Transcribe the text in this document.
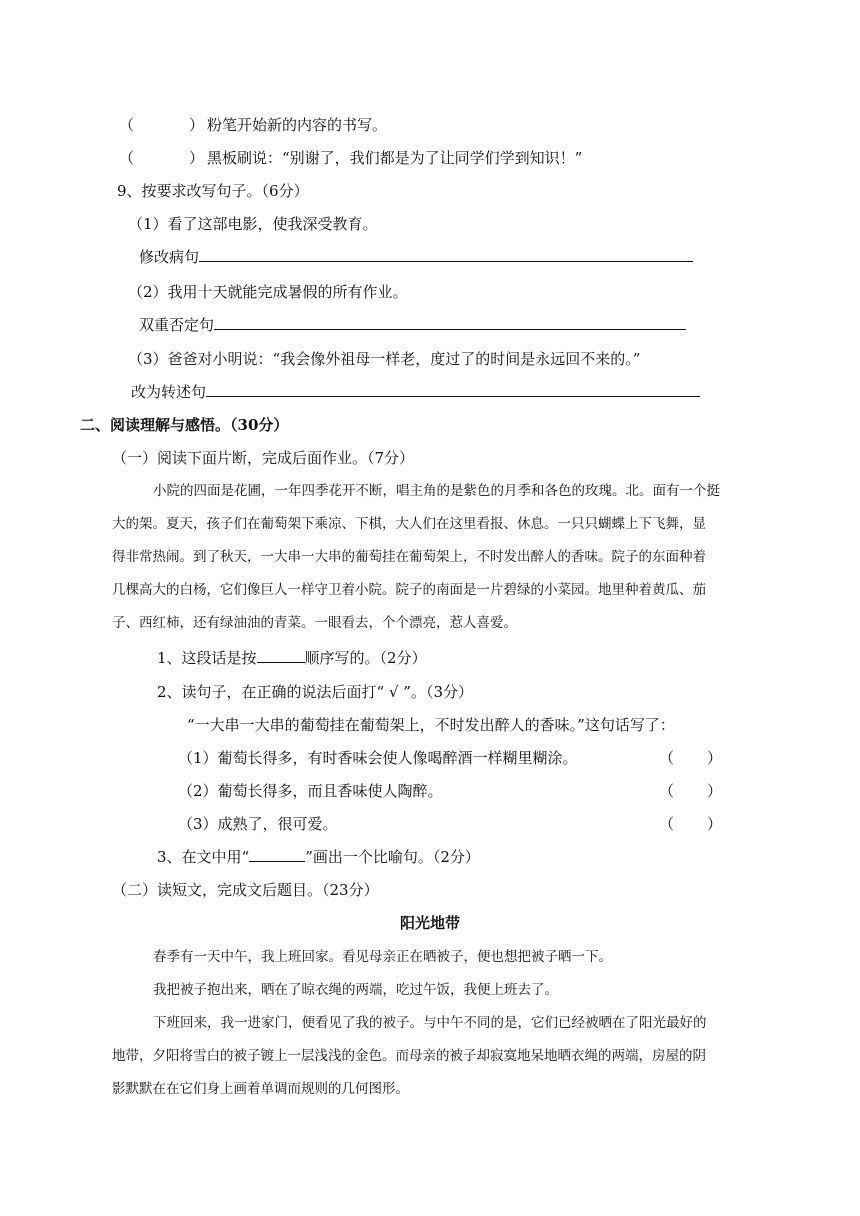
（	） 粉笔开始新的内容的书写。
（	） 黑板刷说：“别谢了，我们都是为了让同学们学到知识！”
9、按要求改写句子。（6分）
（1）看了这部电影，使我深受教育。
修改病句
（2）我用十天就能完成暑假的所有作业。
双重否定句
（3）爸爸对小明说：“我会像外祖母一样老，度过了的时间是永远回不来的。”
改为转述句
二、阅读理解与感悟。（30分）
（一）阅读下面片断，完成后面作业。（7分）
小院的四面是花圃，一年四季花开不断，唱主角的是紫色的月季和各色的玫瑰。北。面有一个挺
大的架。夏天，孩子们在葡萄架下乘凉、下棋，大人们在这里看报、休息。一只只蝴蝶上下飞舞，显
得非常热闹。到了秋天，一大串一大串的葡萄挂在葡萄架上，不时发出醉人的香味。院子的东面种着
几棵高大的白杨，它们像巨人一样守卫着小院。院子的南面是一片碧绿的小菜园。地里种着黄瓜、茄
子、西红柿，还有绿油油的青菜。一眼看去，个个漂亮，惹人喜爱。
1、这段话是按	顺序写的。（2分）
2、读句子，在正确的说法后面打“ √ ”。（3分）
“一大串一大串的葡萄挂在葡萄架上，不时发出醉人的香味。”这句话写了：
（1）葡萄长得多，有时香味会使人像喝醉酒一样糊里糊涂。	（ ）
（2）葡萄长得多，而且香味使人陶醉。	（ ）
（3）成熟了，很可爱。	（ ）
3、在文中用“	”画出一个比喻句。（2分）
（二）读短文，完成文后题目。（23分）
阳光地带
春季有一天中午，我上班回家。看见母亲正在晒被子，便也想把被子晒一下。
我把被子抱出来，晒在了晾衣绳的两端，吃过午饭，我便上班去了。
下班回来，我一进家门，便看见了我的被子。与中午不同的是，它们已经被晒在了阳光最好的
地带，夕阳将雪白的被子镀上一层浅浅的金色。而母亲的被子却寂寞地呆地晒衣绳的两端，房屋的阴
影默默在在它们身上画着单调而规则的几何图形。
